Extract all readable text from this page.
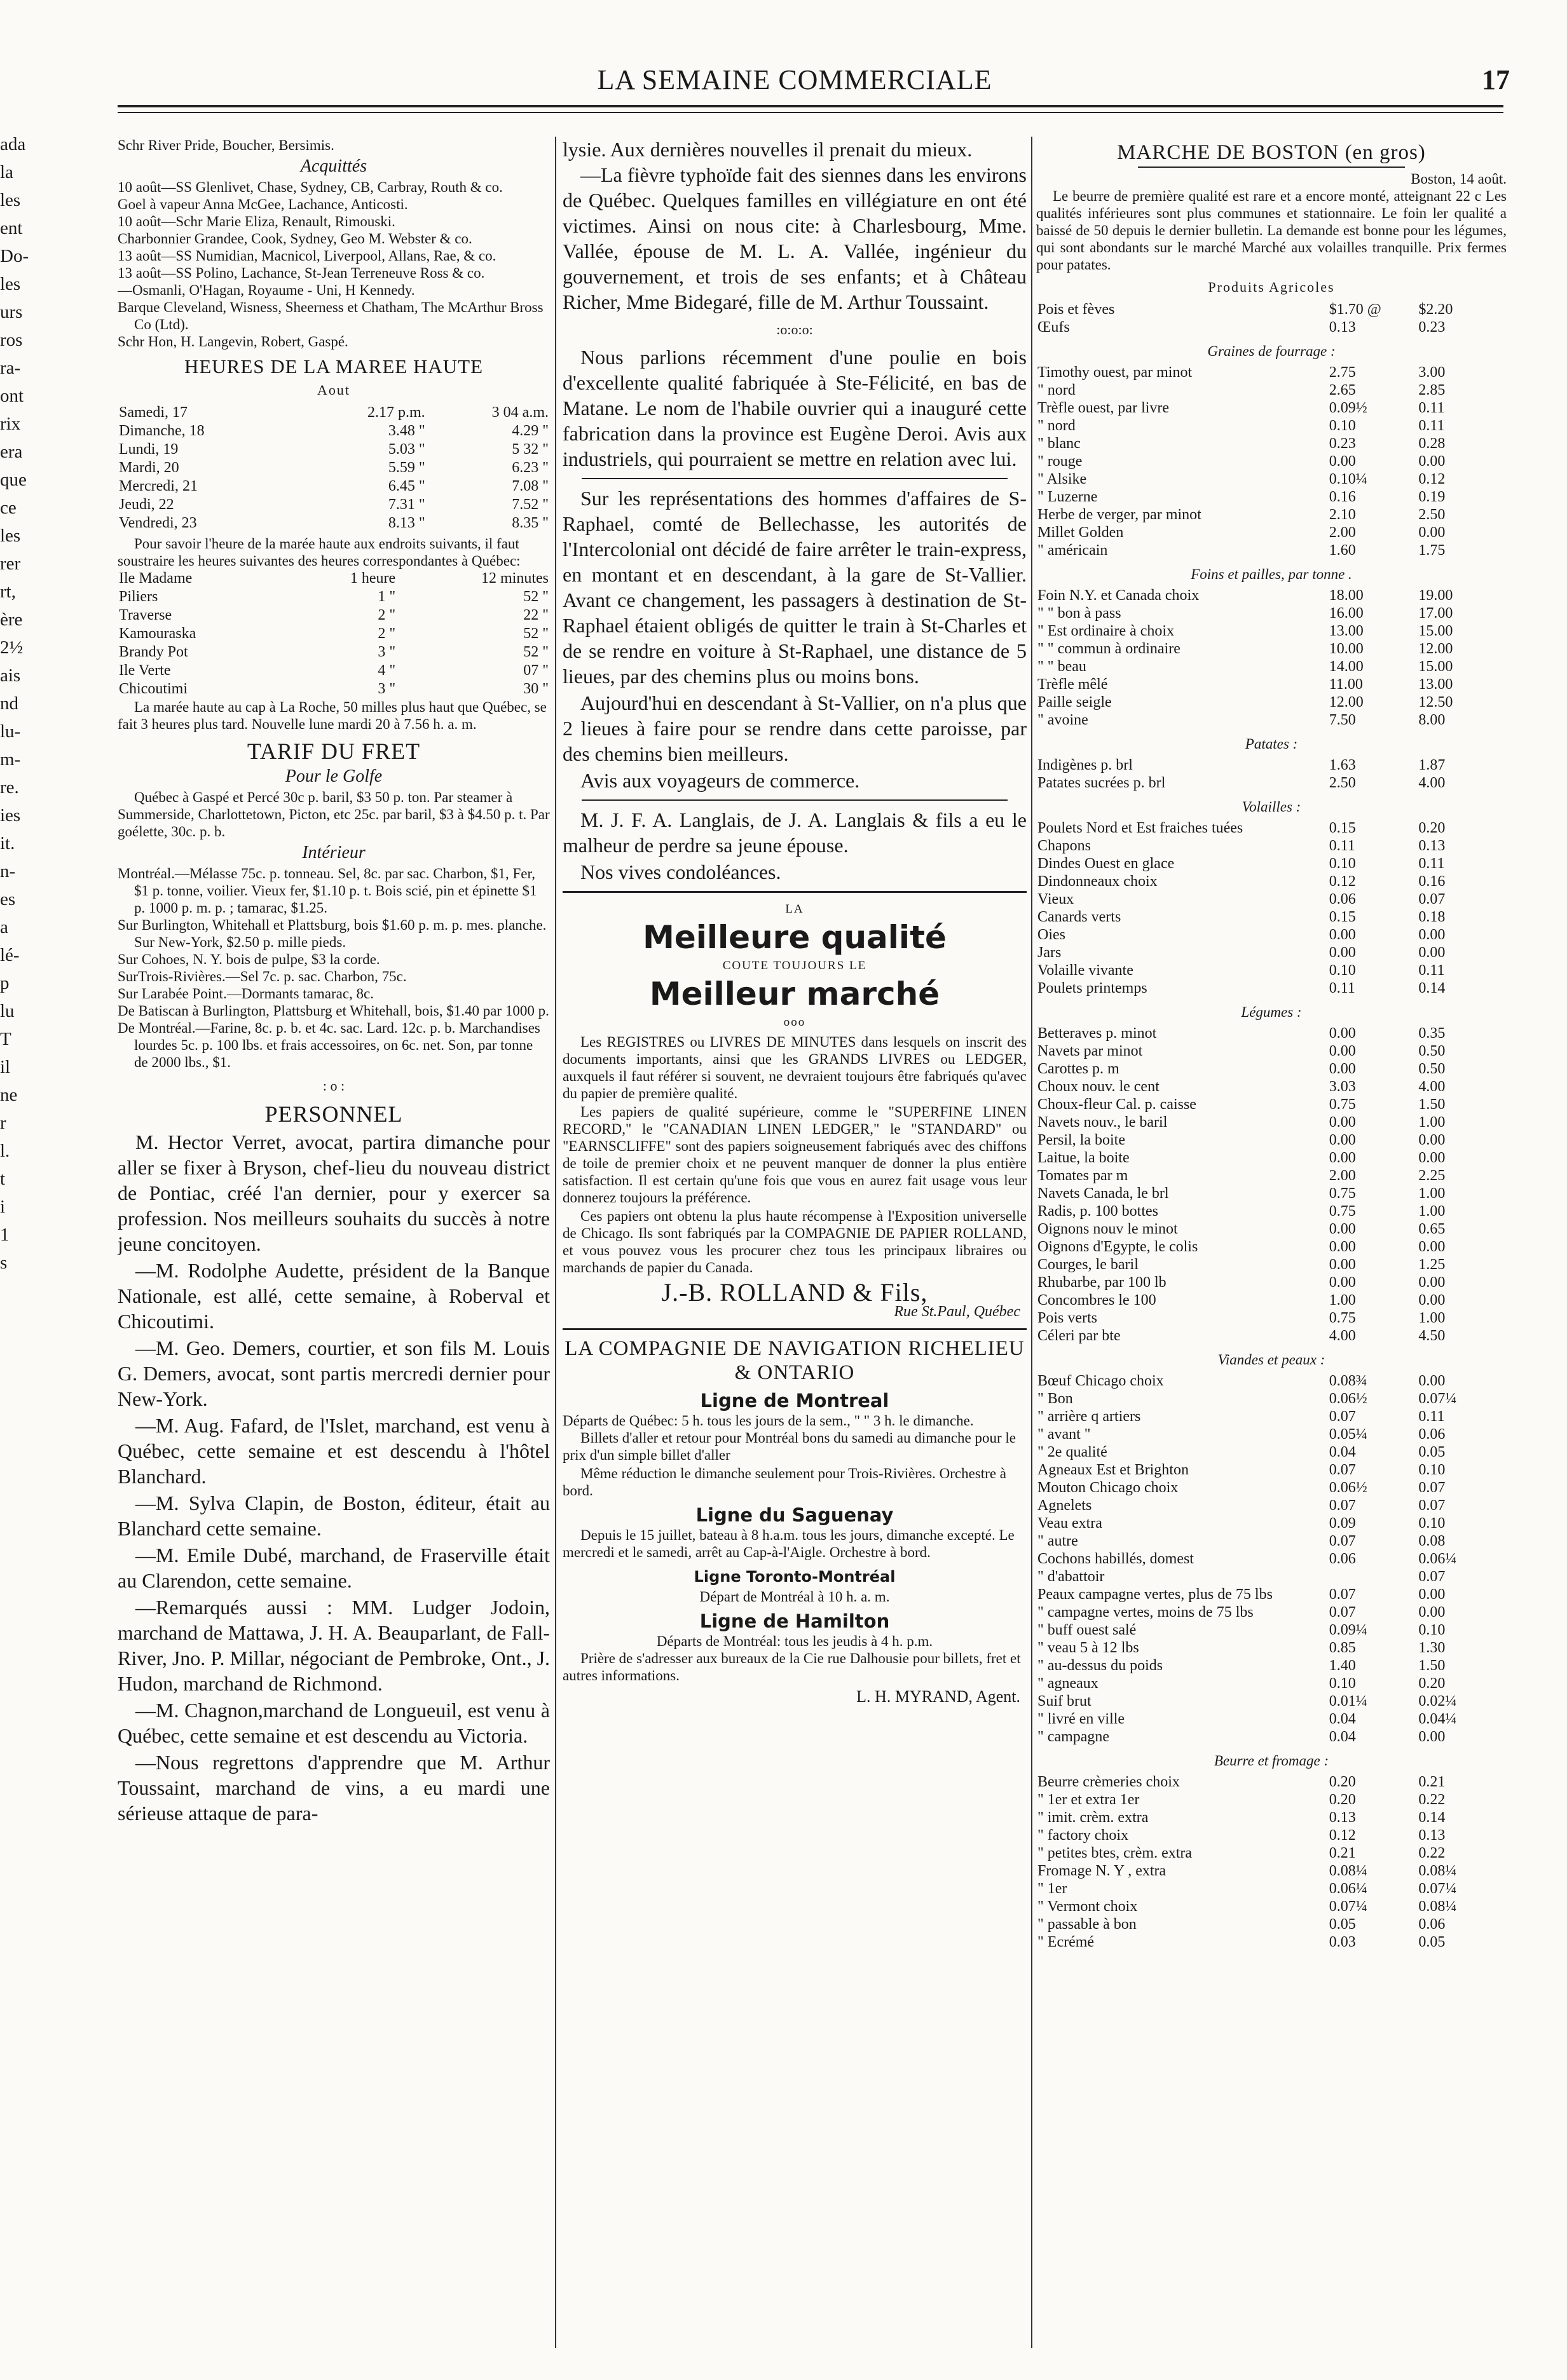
LA SEMAINE COMMERCIALE	17
ada
la
les
ent
Do-
les
urs
ros
ra-
ont
rix
era
que
ce
les
rer
rt,
ère
2½
ais
nd
lu-
m-
re.
ies
it.
n-
es
a
lé-
p
lu
T
il
ne
r
l.
t
i
1
s
Schr River Pride, Boucher, Bersimis.
Acquittés
10 août—SS Glenlivet, Chase, Sydney, CB, Carbray, Routh & co.
Goel à vapeur Anna McGee, Lachance, Anticosti.
10 août—Schr Marie Eliza, Renault, Rimouski.
Charbonnier Grandee, Cook, Sydney, Geo M. Webster & co.
13 août—SS Numidian, Macnicol, Liverpool, Allans, Rae, & co.
13 août—SS Polino, Lachance, St-Jean Terreneuve Ross & co.
—Osmanli, O'Hagan, Royaume - Uni, H Kennedy.
Barque Cleveland, Wisness, Sheerness et Chatham, The McArthur Bross Co (Ltd).
Schr Hon, H. Langevin, Robert, Gaspé.
HEURES DE LA MAREE HAUTE
Aout
Samedi, 17	2.17 p.m.	3 04 a.m.
Dimanche, 18	3.48 "	4.29 "
Lundi, 19	5.03 "	5 32 "
Mardi, 20	5.59 "	6.23 "
Mercredi, 21	6.45 "	7.08 "
Jeudi, 22	7.31 "	7.52 "
Vendredi, 23	8.13 "	8.35 "
Pour savoir l'heure de la marée haute aux endroits suivants, il faut soustraire les heures suivantes des heures correspondantes à Québec:
Ile Madame	1 heure	12 minutes
Piliers	1 "	52 "
Traverse	2 "	22 "
Kamouraska	2 "	52 "
Brandy Pot	3 "	52 "
Ile Verte	4 "	07 "
Chicoutimi	3 "	30 "
La marée haute au cap à La Roche, 50 milles plus haut que Québec, se fait 3 heures plus tard. Nouvelle lune mardi 20 à 7.56 h. a. m.
TARIF DU FRET
Pour le Golfe
Québec à Gaspé et Percé 30c p. baril, $3 50 p. ton. Par steamer à Summerside, Charlottetown, Picton, etc 25c. par baril, $3 à $4.50 p. t. Par goélette, 30c. p. b.
Intérieur
Montréal.—Mélasse 75c. p. tonneau. Sel, 8c. par sac. Charbon, $1, Fer, $1 p. tonne, voilier. Vieux fer, $1.10 p. t. Bois scié, pin et épinette $1 p. 1000 p. m. p. ; tamarac, $1.25.
Sur Burlington, Whitehall et Plattsburg, bois $1.60 p. m. p. mes. planche. Sur New-York, $2.50 p. mille pieds.
Sur Cohoes, N. Y. bois de pulpe, $3 la corde.
SurTrois-Rivières.—Sel 7c. p. sac. Charbon, 75c.
Sur Larabée Point.—Dormants tamarac, 8c.
De Batiscan à Burlington, Plattsburg et Whitehall, bois, $1.40 par 1000 p.
De Montréal.—Farine, 8c. p. b. et 4c. sac. Lard. 12c. p. b. Marchandises lourdes 5c. p. 100 lbs. et frais accessoires, on 6c. net. Son, par tonne de 2000 lbs., $1.
: o :
PERSONNEL
M. Hector Verret, avocat, partira dimanche pour aller se fixer à Bryson, chef-lieu du nouveau district de Pontiac, créé l'an dernier, pour y exercer sa profession. Nos meilleurs souhaits du succès à notre jeune concitoyen.
—M. Rodolphe Audette, président de la Banque Nationale, est allé, cette semaine, à Roberval et Chicoutimi.
—M. Geo. Demers, courtier, et son fils M. Louis G. Demers, avocat, sont partis mercredi dernier pour New-York.
—M. Aug. Fafard, de l'Islet, marchand, est venu à Québec, cette semaine et est descendu à l'hôtel Blanchard.
—M. Sylva Clapin, de Boston, éditeur, était au Blanchard cette semaine.
—M. Emile Dubé, marchand, de Fraserville était au Clarendon, cette semaine.
—Remarqués aussi : MM. Ludger Jodoin, marchand de Mattawa, J. H. A. Beauparlant, de Fall-River, Jno. P. Millar, négociant de Pembroke, Ont., J. Hudon, marchand de Richmond.
—M. Chagnon,marchand de Longueuil, est venu à Québec, cette semaine et est descendu au Victoria.
—Nous regrettons d'apprendre que M. Arthur Toussaint, marchand de vins, a eu mardi une sérieuse attaque de para-
lysie. Aux dernières nouvelles il prenait du mieux.
—La fièvre typhoïde fait des siennes dans les environs de Québec. Quelques familles en villégiature en ont été victimes. Ainsi on nous cite: à Charlesbourg, Mme. Vallée, épouse de M. L. A. Vallée, ingénieur du gouvernement, et trois de ses enfants; et à Château Richer, Mme Bidegaré, fille de M. Arthur Toussaint.
:o:o:o:
Nous parlions récemment d'une poulie en bois d'excellente qualité fabriquée à Ste-Félicité, en bas de Matane. Le nom de l'habile ouvrier qui a inauguré cette fabrication dans la province est Eugène Deroi. Avis aux industriels, qui pourraient se mettre en relation avec lui.
Sur les représentations des hommes d'affaires de S-Raphael, comté de Bellechasse, les autorités de l'Intercolonial ont décidé de faire arrêter le train-express, en montant et en descendant, à la gare de St-Vallier. Avant ce changement, les passagers à destination de St-Raphael étaient obligés de quitter le train à St-Charles et de se rendre en voiture à St-Raphael, une distance de 5 lieues, par des chemins plus ou moins bons.
Aujourd'hui en descendant à St-Vallier, on n'a plus que 2 lieues à faire pour se rendre dans cette paroisse, par des chemins bien meilleurs.
Avis aux voyageurs de commerce.
M. J. F. A. Langlais, de J. A. Langlais & fils a eu le malheur de perdre sa jeune épouse.
Nos vives condoléances.
LA
Meilleure qualité
COUTE TOUJOURS LE
Meilleur marché
ooo
Les REGISTRES ou LIVRES DE MINUTES dans lesquels on inscrit des documents importants, ainsi que les GRANDS LIVRES ou LEDGER, auxquels il faut référer si souvent, ne devraient toujours être fabriqués qu'avec du papier de première qualité.
Les papiers de qualité supérieure, comme le "SUPERFINE LINEN RECORD," le "CANADIAN LINEN LEDGER," le "STANDARD" ou "EARNSCLIFFE" sont des papiers soigneusement fabriqués avec des chiffons de toile de premier choix et ne peuvent manquer de donner la plus entière satisfaction. Il est certain qu'une fois que vous en aurez fait usage vous leur donnerez toujours la préférence.
Ces papiers ont obtenu la plus haute récompense à l'Exposition universelle de Chicago. Ils sont fabriqués par la COMPAGNIE DE PAPIER ROLLAND, et vous pouvez vous les procurer chez tous les principaux libraires ou marchands de papier du Canada.
J.-B. ROLLAND & Fils,
Rue St.Paul, Québec
LA COMPAGNIE DE NAVIGATION RICHELIEU & ONTARIO
Ligne de Montreal
Départs de Québec: 5 h. tous les jours de la sem., " " 3 h. le dimanche.
Billets d'aller et retour pour Montréal bons du samedi au dimanche pour le prix d'un simple billet d'aller
Même réduction le dimanche seulement pour Trois-Rivières. Orchestre à bord.
Ligne du Saguenay
Depuis le 15 juillet, bateau à 8 h.a.m. tous les jours, dimanche excepté. Le mercredi et le samedi, arrêt au Cap-à-l'Aigle. Orchestre à bord.
Ligne Toronto-Montréal
Départ de Montréal à 10 h. a. m.
Ligne de Hamilton
Départs de Montréal: tous les jeudis à 4 h. p.m.
Prière de s'adresser aux bureaux de la Cie rue Dalhousie pour billets, fret et autres informations.
L. H. MYRAND, Agent.
MARCHE DE BOSTON (en gros)
Boston, 14 août.
Le beurre de première qualité est rare et a encore monté, atteignant 22 c Les qualités inférieures sont plus communes et stationnaire. Le foin ler qualité a baissé de 50 depuis le dernier bulletin. La demande est bonne pour les légumes, qui sont abondants sur le marché Marché aux volailles tranquille. Prix fermes pour patates.
Produits Agricoles
Pois et fèves	$1.70 @	$2.20
Œufs	0.13	0.23
Graines de fourrage :
Timothy ouest, par minot	2.75	3.00
" nord	2.65	2.85
Trèfle ouest, par livre	0.09½	0.11
" nord	0.10	0.11
" blanc	0.23	0.28
" rouge	0.00	0.00
" Alsike	0.10¼	0.12
" Luzerne	0.16	0.19
Herbe de verger, par minot	2.10	2.50
Millet Golden	2.00	0.00
" américain	1.60	1.75
Foins et pailles, par tonne .
Foin N.Y. et Canada choix	18.00	19.00
" " bon à pass	16.00	17.00
" Est ordinaire à choix	13.00	15.00
" " commun à ordinaire	10.00	12.00
" " beau	14.00	15.00
Trèfle mêlé	11.00	13.00
Paille seigle	12.00	12.50
" avoine	7.50	8.00
Patates :
Indigènes p. brl	1.63	1.87
Patates sucrées p. brl	2.50	4.00
Volailles :
Poulets Nord et Est fraiches tuées	0.15	0.20
Chapons	0.11	0.13
Dindes Ouest en glace	0.10	0.11
Dindonneaux choix	0.12	0.16
Vieux	0.06	0.07
Canards verts	0.15	0.18
Oies	0.00	0.00
Jars	0.00	0.00
Volaille vivante	0.10	0.11
Poulets printemps	0.11	0.14
Légumes :
Betteraves p. minot	0.00	0.35
Navets par minot	0.00	0.50
Carottes p. m	0.00	0.50
Choux nouv. le cent	3.03	4.00
Choux-fleur Cal. p. caisse	0.75	1.50
Navets nouv., le baril	0.00	1.00
Persil, la boite	0.00	0.00
Laitue, la boite	0.00	0.00
Tomates par m	2.00	2.25
Navets Canada, le brl	0.75	1.00
Radis, p. 100 bottes	0.75	1.00
Oignons nouv le minot	0.00	0.65
Oignons d'Egypte, le colis	0.00	0.00
Courges, le baril	0.00	1.25
Rhubarbe, par 100 lb	0.00	0.00
Concombres le 100	1.00	0.00
Pois verts	0.75	1.00
Céleri par bte	4.00	4.50
Viandes et peaux :
Bœuf Chicago choix	0.08¾	0.00
" Bon	0.06½	0.07¼
" arrière q artiers	0.07	0.11
" avant "	0.05¼	0.06
" 2e qualité	0.04	0.05
Agneaux Est et Brighton	0.07	0.10
Mouton Chicago choix	0.06½	0.07
Agnelets	0.07	0.07
Veau extra	0.09	0.10
" autre	0.07	0.08
Cochons habillés, domest	0.06	0.06¼
" d'abattoir		0.07
Peaux campagne vertes, plus de 75 lbs	0.07	0.00
" campagne vertes, moins de 75 lbs	0.07	0.00
" buff ouest salé	0.09¼	0.10
" veau 5 à 12 lbs	0.85	1.30
" au-dessus du poids	1.40	1.50
" agneaux	0.10	0.20
Suif brut	0.01¼	0.02¼
" livré en ville	0.04	0.04¼
" campagne	0.04	0.00
Beurre et fromage :
Beurre crèmeries choix	0.20	0.21
" 1er et extra 1er	0.20	0.22
" imit. crèm. extra	0.13	0.14
" factory choix	0.12	0.13
" petites btes, crèm. extra	0.21	0.22
Fromage N. Y , extra	0.08¼	0.08¼
" 1er	0.06¼	0.07¼
" Vermont choix	0.07¼	0.08¼
" passable à bon	0.05	0.06
" Ecrémé	0.03	0.05
